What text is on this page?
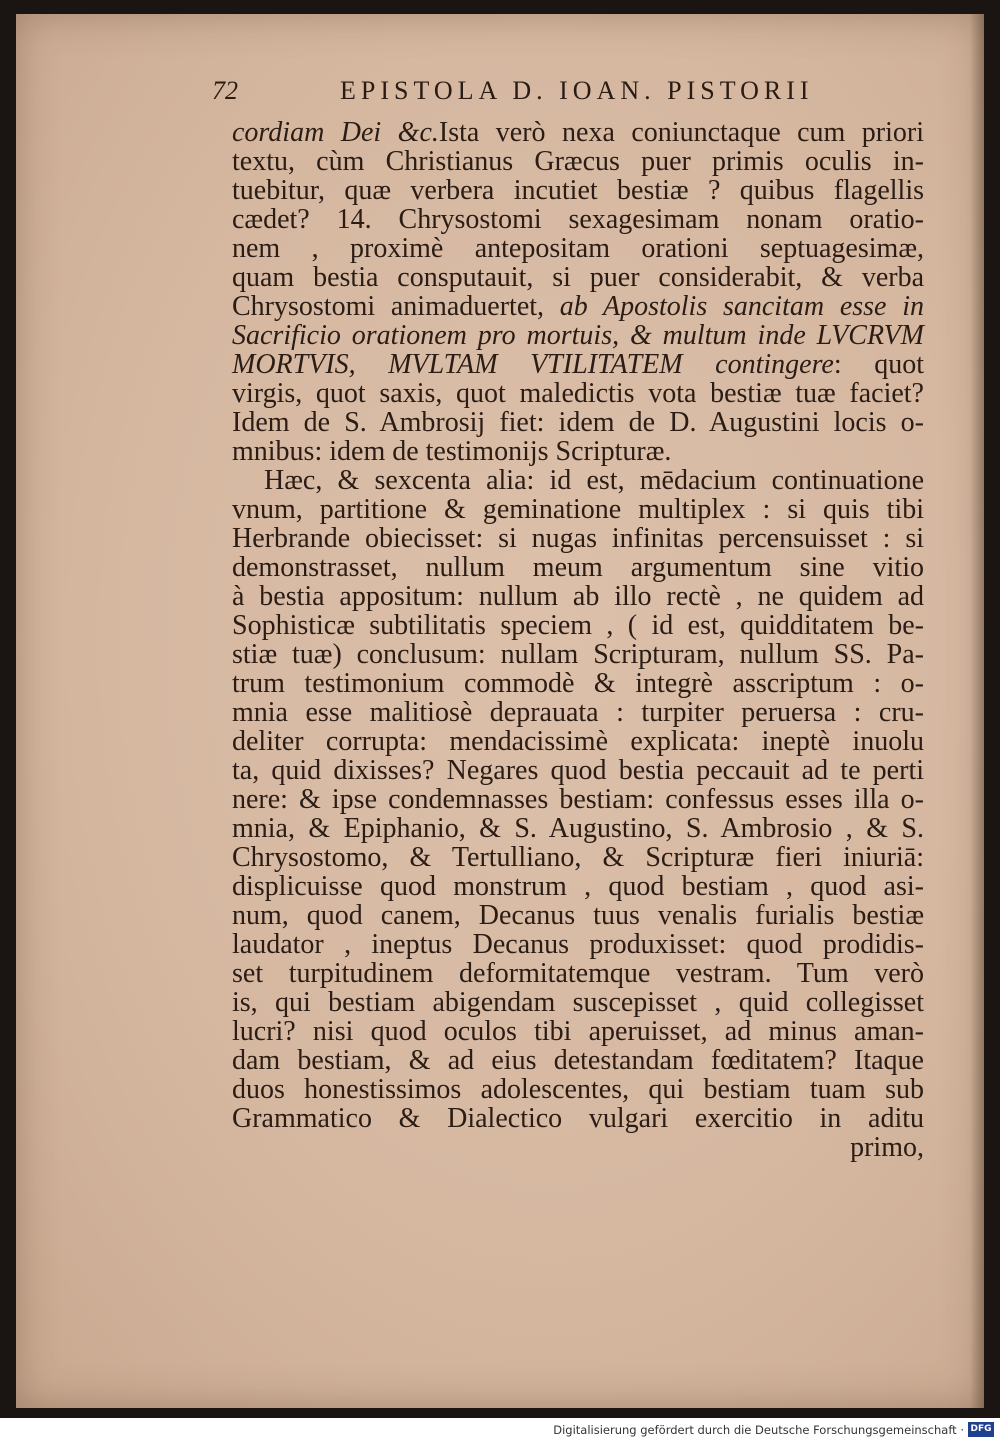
72	EPISTOLA D. IOAN. PISTORII
cordiam Dei &c.Ista verò nexa coniunctaque cum priori
textu, cùm Christianus Græcus puer primis oculis in-
tuebitur, quæ verbera incutiet bestiæ ? quibus flagellis
cædet? 14. Chrysostomi sexagesimam nonam oratio-
nem , proximè antepositam orationi septuagesimæ,
quam bestia consputauit, si puer considerabit, & verba
Chrysostomi animaduertet, ab Apostolis sancitam esse in
Sacrificio orationem pro mortuis, & multum inde LVCRVM
MORTVIS, MVLTAM VTILITATEM contingere: quot
virgis, quot saxis, quot maledictis vota bestiæ tuæ faciet?
Idem de S. Ambrosij fiet: idem de D. Augustini locis o-
mnibus: idem de testimonijs Scripturæ.
Hæc, & sexcenta alia: id est, mēdacium continuatione
vnum, partitione & geminatione multiplex : si quis tibi
Herbrande obiecisset: si nugas infinitas percensuisset : si
demonstrasset, nullum meum argumentum sine vitio
à bestia appositum: nullum ab illo rectè , ne quidem ad
Sophisticæ subtilitatis speciem , ( id est, quidditatem be-
stiæ tuæ) conclusum: nullam Scripturam, nullum SS. Pa-
trum testimonium commodè & integrè asscriptum : o-
mnia esse malitiosè deprauata : turpiter peruersa : cru-
deliter corrupta: mendacissimè explicata: ineptè inuolu
ta, quid dixisses? Negares quod bestia peccauit ad te perti
nere: & ipse condemnasses bestiam: confessus esses illa o-
mnia, & Epiphanio, & S. Augustino, S. Ambrosio , & S.
Chrysostomo, & Tertulliano, & Scripturæ fieri iniuriā:
displicuisse quod monstrum , quod bestiam , quod asi-
num, quod canem, Decanus tuus venalis furialis bestiæ
laudator , ineptus Decanus produxisset: quod prodidis-
set turpitudinem deformitatemque vestram. Tum verò
is, qui bestiam abigendam suscepisset , quid collegisset
lucri? nisi quod oculos tibi aperuisset, ad minus aman-
dam bestiam, & ad eius detestandam fœditatem? Itaque
duos honestissimos adolescentes, qui bestiam tuam sub
Grammatico & Dialectico vulgari exercitio in aditu
primo,
Digitalisierung gefördert durch die Deutsche Forschungsgemeinschaft · DFG
